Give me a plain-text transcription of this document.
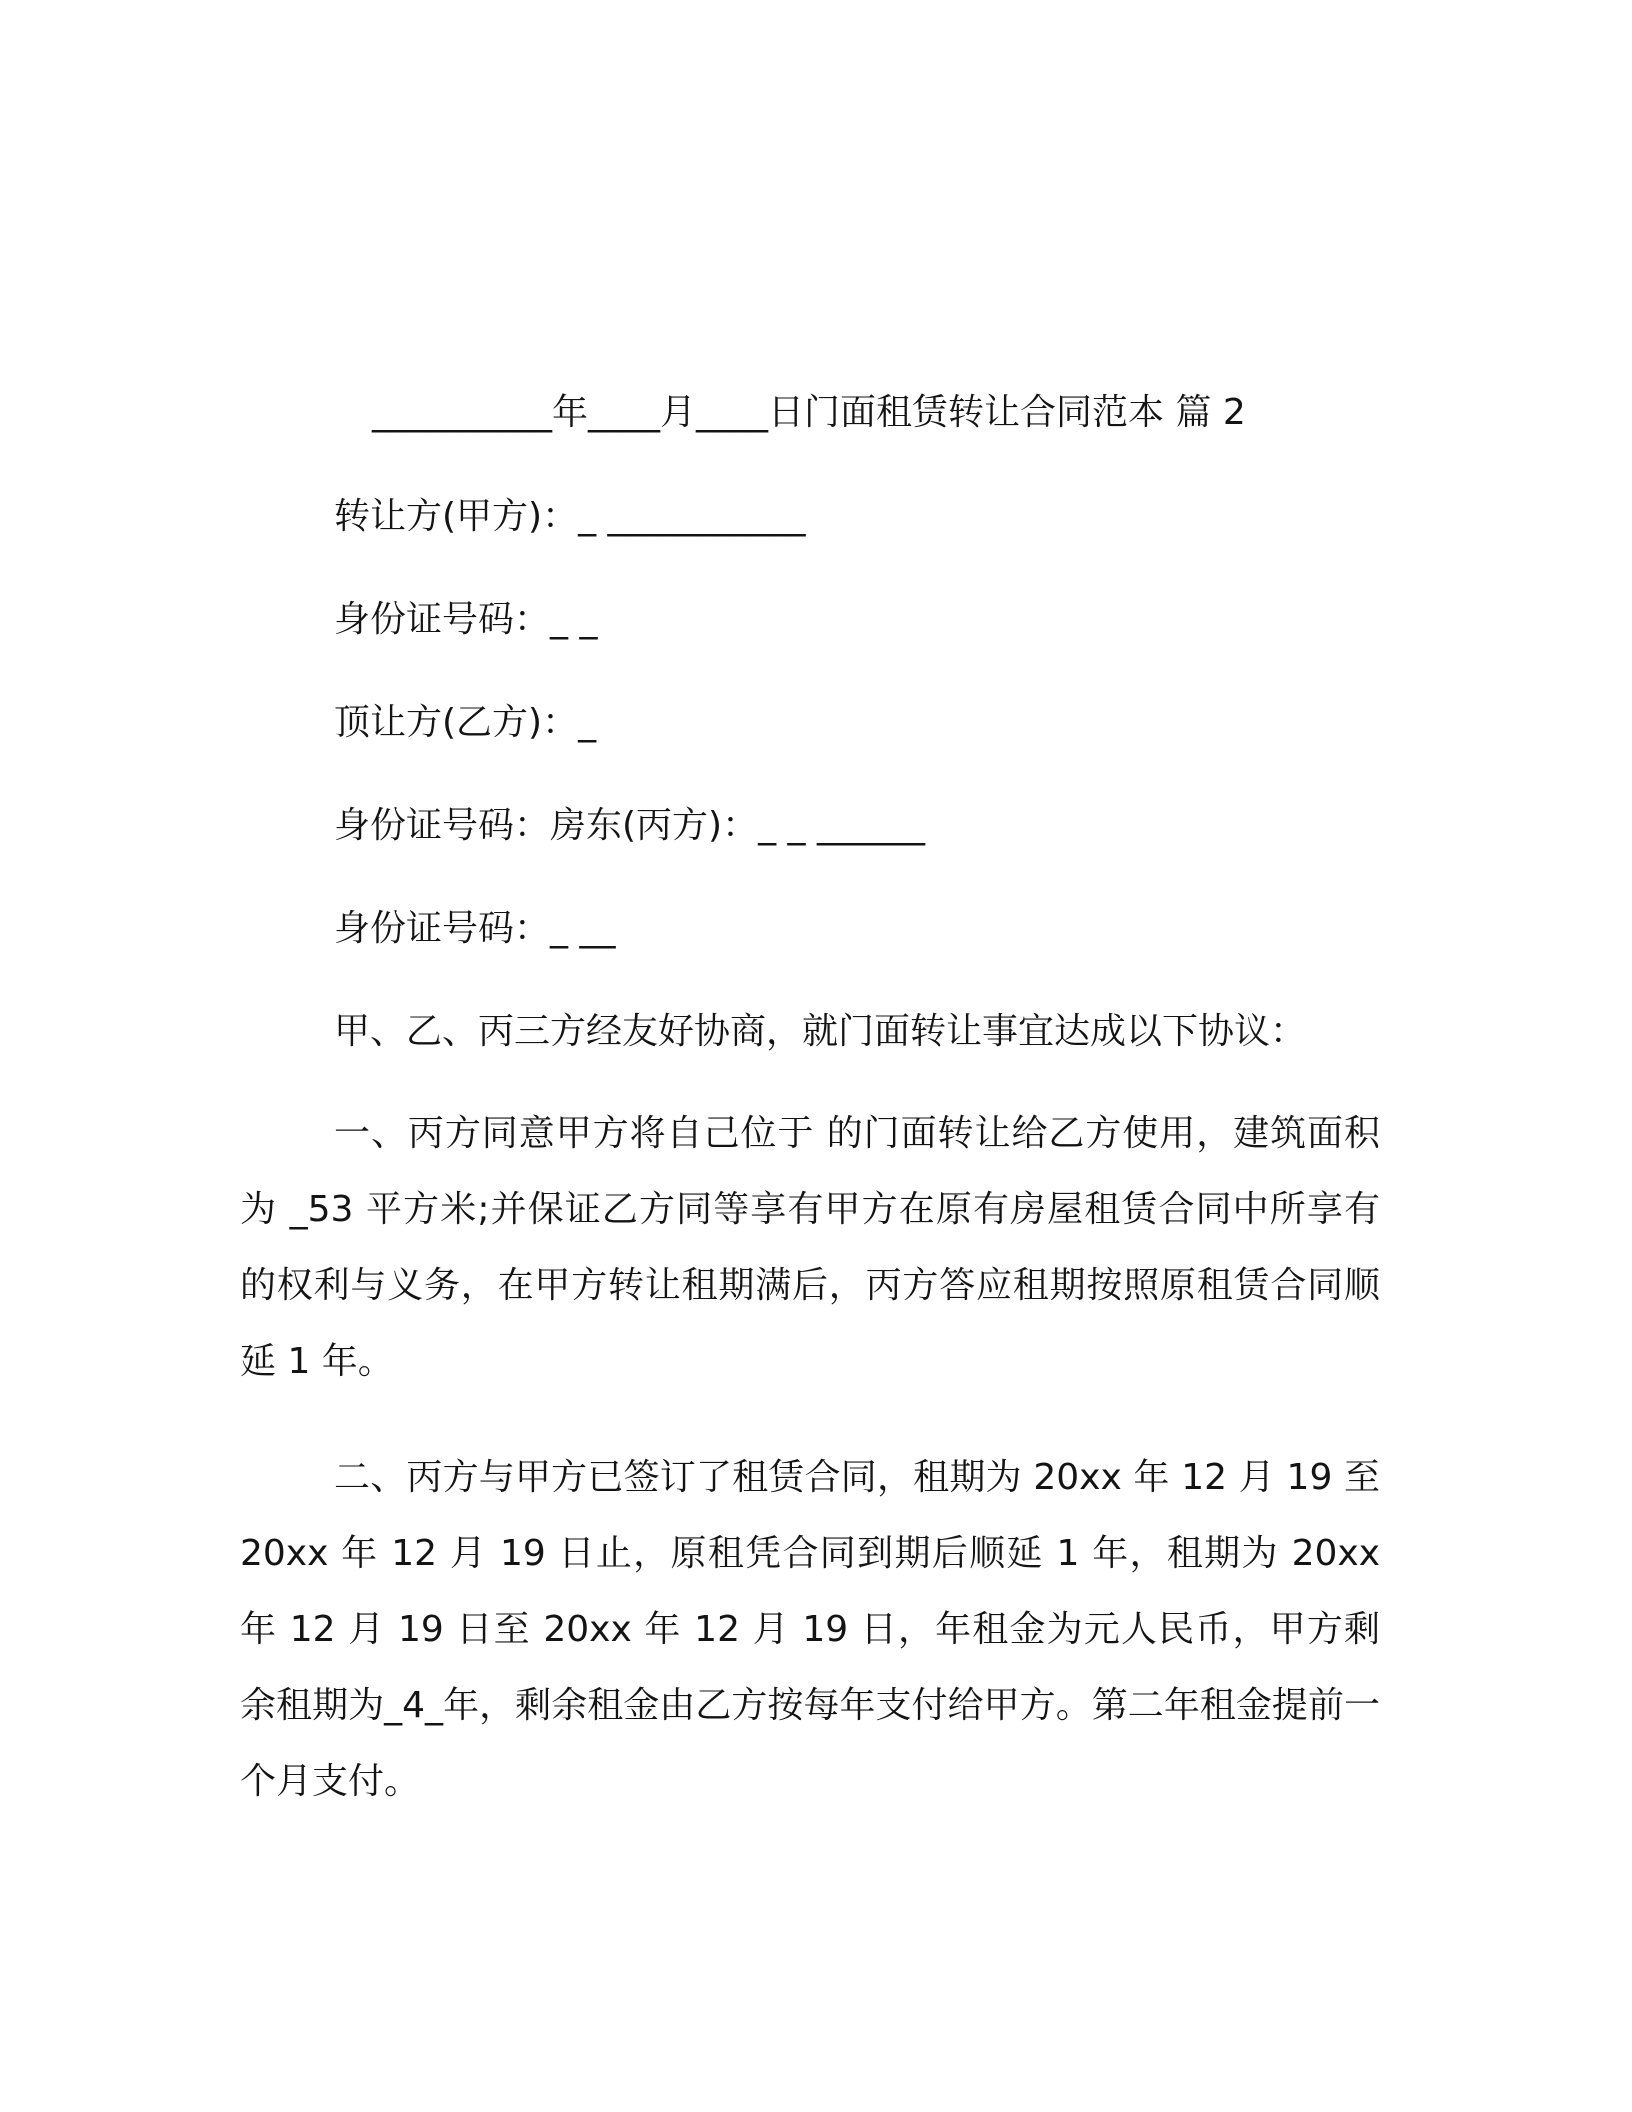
__________年____月____日门面租赁转让合同范本 篇 2
转让方(甲方)：_ ___________
身份证号码：_ _
顶让方(乙方)：_
身份证号码：房东(丙方)：_ _ ______
身份证号码：_ __
甲、乙、丙三方经友好协商，就门面转让事宜达成以下协议：
一、丙方同意甲方将自己位于 的门面转让给乙方使用，建筑面积为 _53 平方米;并保证乙方同等享有甲方在原有房屋租赁合同中所享有的权利与义务，在甲方转让租期满后，丙方答应租期按照原租赁合同顺延 1 年。
二、丙方与甲方已签订了租赁合同，租期为 20xx 年 12 月 19 至 20xx 年 12 月 19 日止，原租凭合同到期后顺延 1 年，租期为 20xx 年 12 月 19 日至 20xx 年 12 月 19 日，年租金为元人民币，甲方剩余租期为_4_年，剩余租金由乙方按每年支付给甲方。第二年租金提前一个月支付。
